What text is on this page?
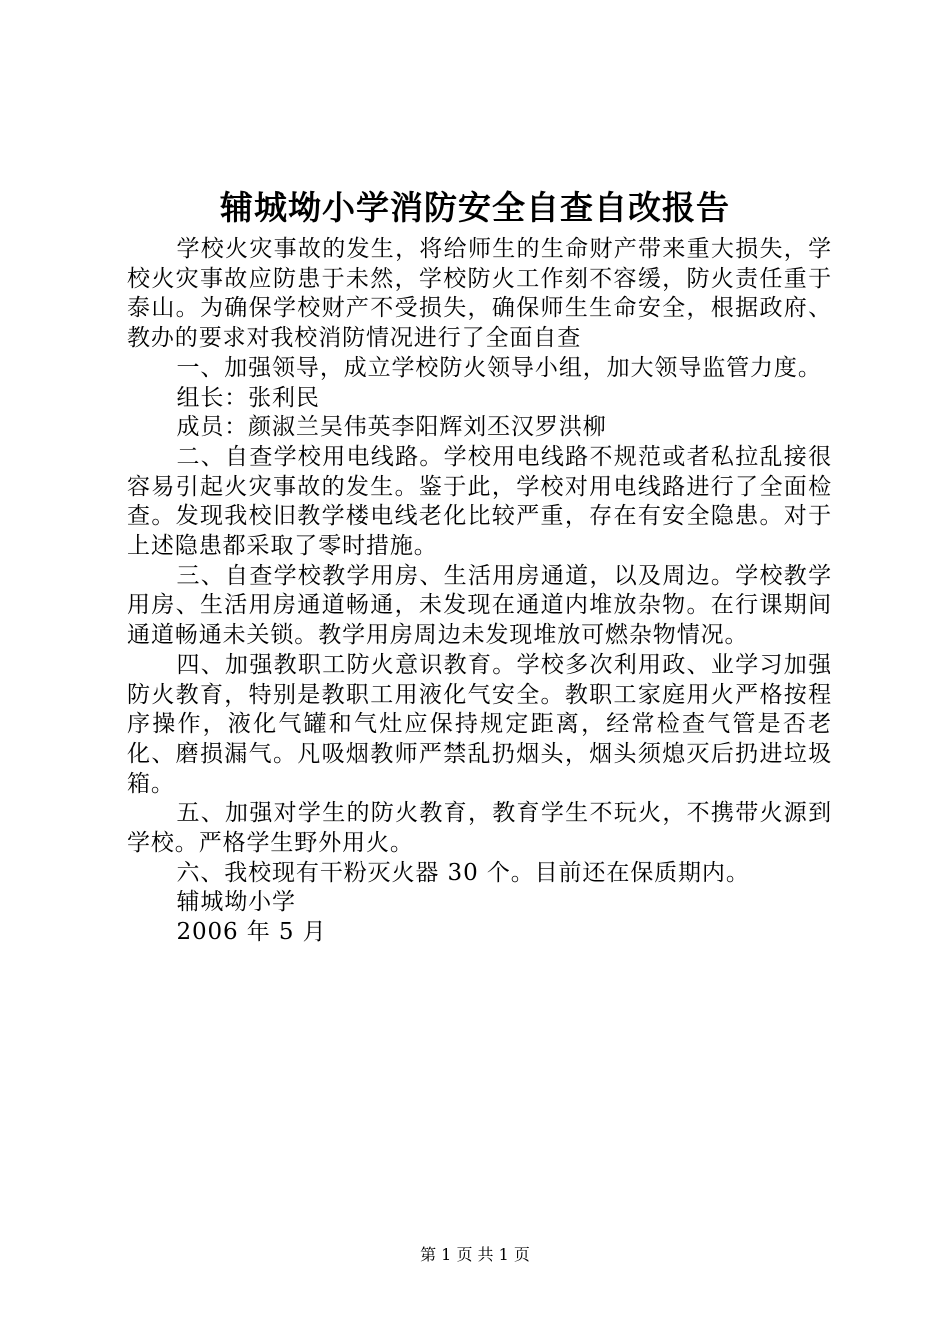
辅城坳小学消防安全自查自改报告

学校火灾事故的发生，将给师生的生命财产带来重大损失，学校火灾事故应防患于未然，学校防火工作刻不容缓，防火责任重于泰山。为确保学校财产不受损失，确保师生生命安全，根据政府、教办的要求对我校消防情况进行了全面自查

一、加强领导，成立学校防火领导小组，加大领导监管力度。

组长：张利民

成员：颜淑兰吴伟英李阳辉刘丕汉罗洪柳

二、自查学校用电线路。学校用电线路不规范或者私拉乱接很容易引起火灾事故的发生。鉴于此，学校对用电线路进行了全面检查。发现我校旧教学楼电线老化比较严重，存在有安全隐患。对于上述隐患都采取了零时措施。

三、自查学校教学用房、生活用房通道，以及周边。学校教学用房、生活用房通道畅通，未发现在通道内堆放杂物。在行课期间通道畅通未关锁。教学用房周边未发现堆放可燃杂物情况。

四、加强教职工防火意识教育。学校多次利用政、业学习加强防火教育，特别是教职工用液化气安全。教职工家庭用火严格按程序操作，液化气罐和气灶应保持规定距离，经常检查气管是否老化、磨损漏气。凡吸烟教师严禁乱扔烟头，烟头须熄灭后扔进垃圾箱。

五、加强对学生的防火教育，教育学生不玩火，不携带火源到学校。严格学生野外用火。

六、我校现有干粉灭火器 30 个。目前还在保质期内。

辅城坳小学

2006 年 5 月

第 1 页 共 1 页
